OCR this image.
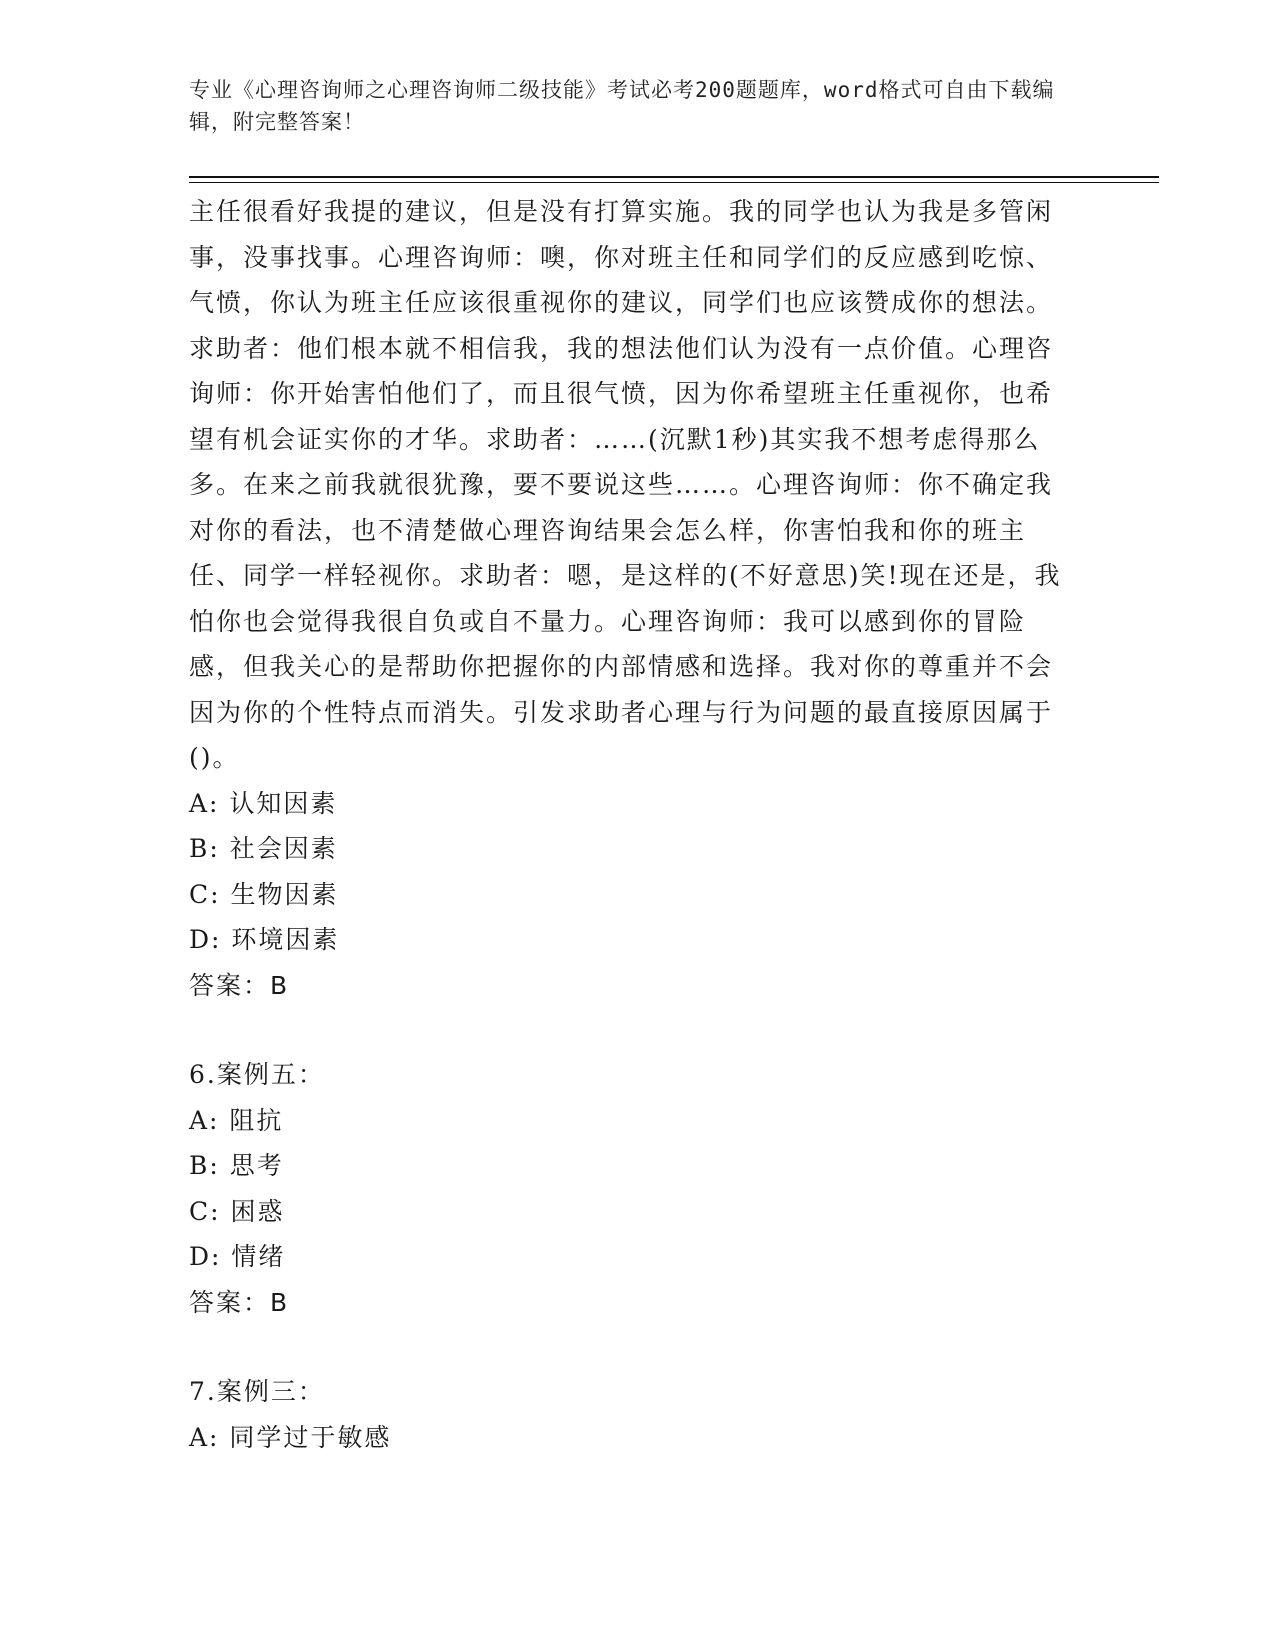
专业《心理咨询师之心理咨询师二级技能》考试必考200题题库，word格式可自由下载编辑，附完整答案！

主任很看好我提的建议，但是没有打算实施。我的同学也认为我是多管闲事，没事找事。心理咨询师：噢，你对班主任和同学们的反应感到吃惊、气愤，你认为班主任应该很重视你的建议，同学们也应该赞成你的想法。求助者：他们根本就不相信我，我的想法他们认为没有一点价值。心理咨询师：你开始害怕他们了，而且很气愤，因为你希望班主任重视你，也希望有机会证实你的才华。求助者：……(沉默1秒)其实我不想考虑得那么多。在来之前我就很犹豫，要不要说这些……。心理咨询师：你不确定我对你的看法，也不清楚做心理咨询结果会怎么样，你害怕我和你的班主任、同学一样轻视你。求助者：嗯，是这样的(不好意思)笑!现在还是，我怕你也会觉得我很自负或自不量力。心理咨询师：我可以感到你的冒险感，但我关心的是帮助你把握你的内部情感和选择。我对你的尊重并不会因为你的个性特点而消失。引发求助者心理与行为问题的最直接原因属于()。

A: 认知因素

B: 社会因素

C: 生物因素

D: 环境因素

答案：B

6.案例五：

A: 阻抗

B: 思考

C: 困惑

D: 情绪

答案：B

7.案例三：

A: 同学过于敏感
